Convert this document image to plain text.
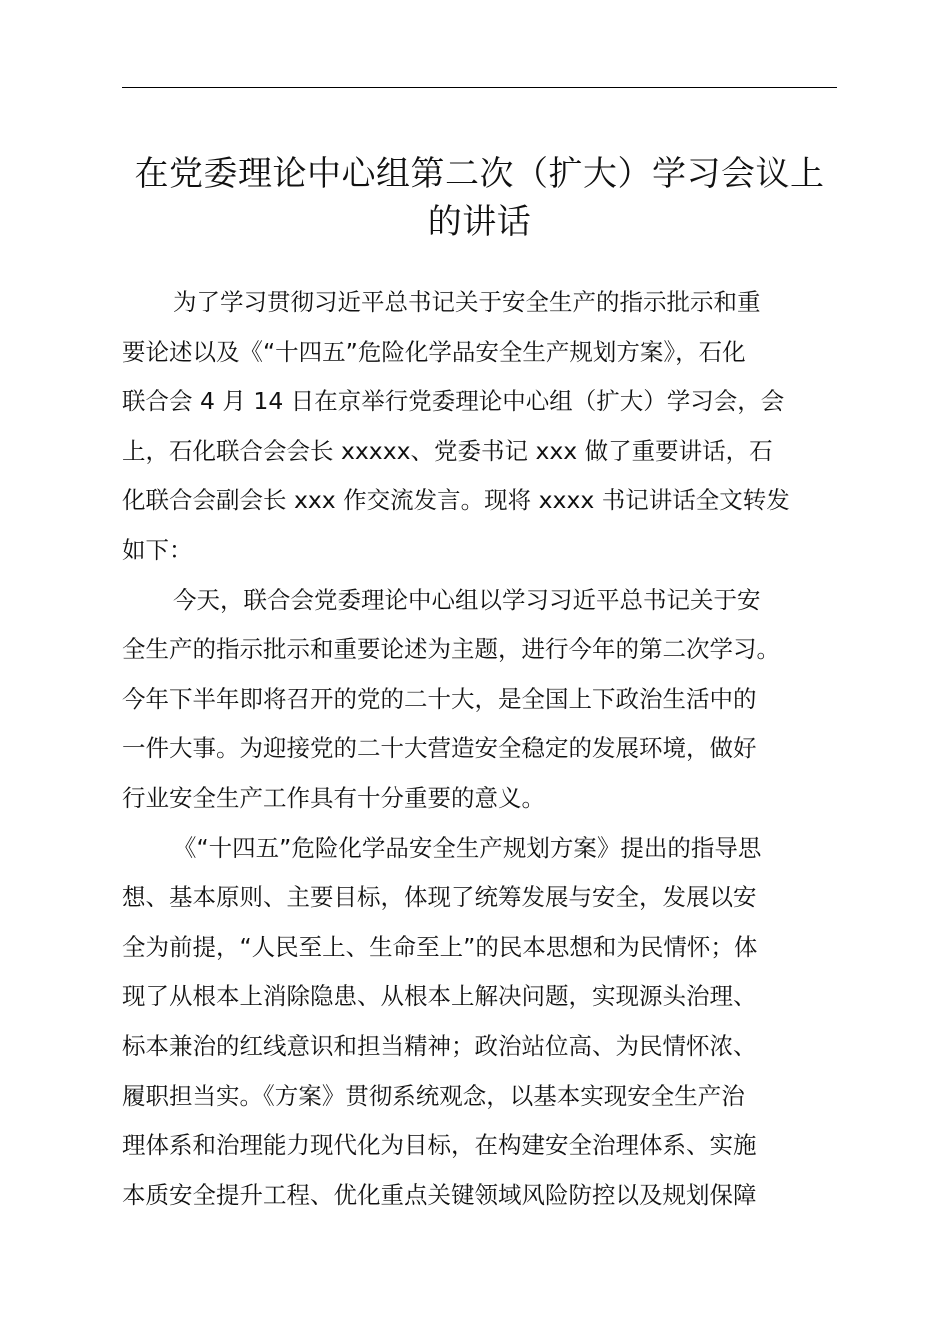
在党委理论中心组第二次（扩大）学习会议上
的讲话

为了学习贯彻习近平总书记关于安全生产的指示批示和重
要论述以及《“十四五”危险化学品安全生产规划方案》，石化
联合会 4 月 14 日在京举行党委理论中心组（扩大）学习会，会
上，石化联合会会长 xxxxx、党委书记 xxx 做了重要讲话，石
化联合会副会长 xxx 作交流发言。现将 xxxx 书记讲话全文转发
如下：

今天，联合会党委理论中心组以学习习近平总书记关于安
全生产的指示批示和重要论述为主题，进行今年的第二次学习。
今年下半年即将召开的党的二十大，是全国上下政治生活中的
一件大事。为迎接党的二十大营造安全稳定的发展环境，做好
行业安全生产工作具有十分重要的意义。

《“十四五”危险化学品安全生产规划方案》提出的指导思
想、基本原则、主要目标，体现了统筹发展与安全，发展以安
全为前提，“人民至上、生命至上”的民本思想和为民情怀；体
现了从根本上消除隐患、从根本上解决问题，实现源头治理、
标本兼治的红线意识和担当精神；政治站位高、为民情怀浓、
履职担当实。《方案》贯彻系统观念，以基本实现安全生产治
理体系和治理能力现代化为目标，在构建安全治理体系、实施
本质安全提升工程、优化重点关键领域风险防控以及规划保障
